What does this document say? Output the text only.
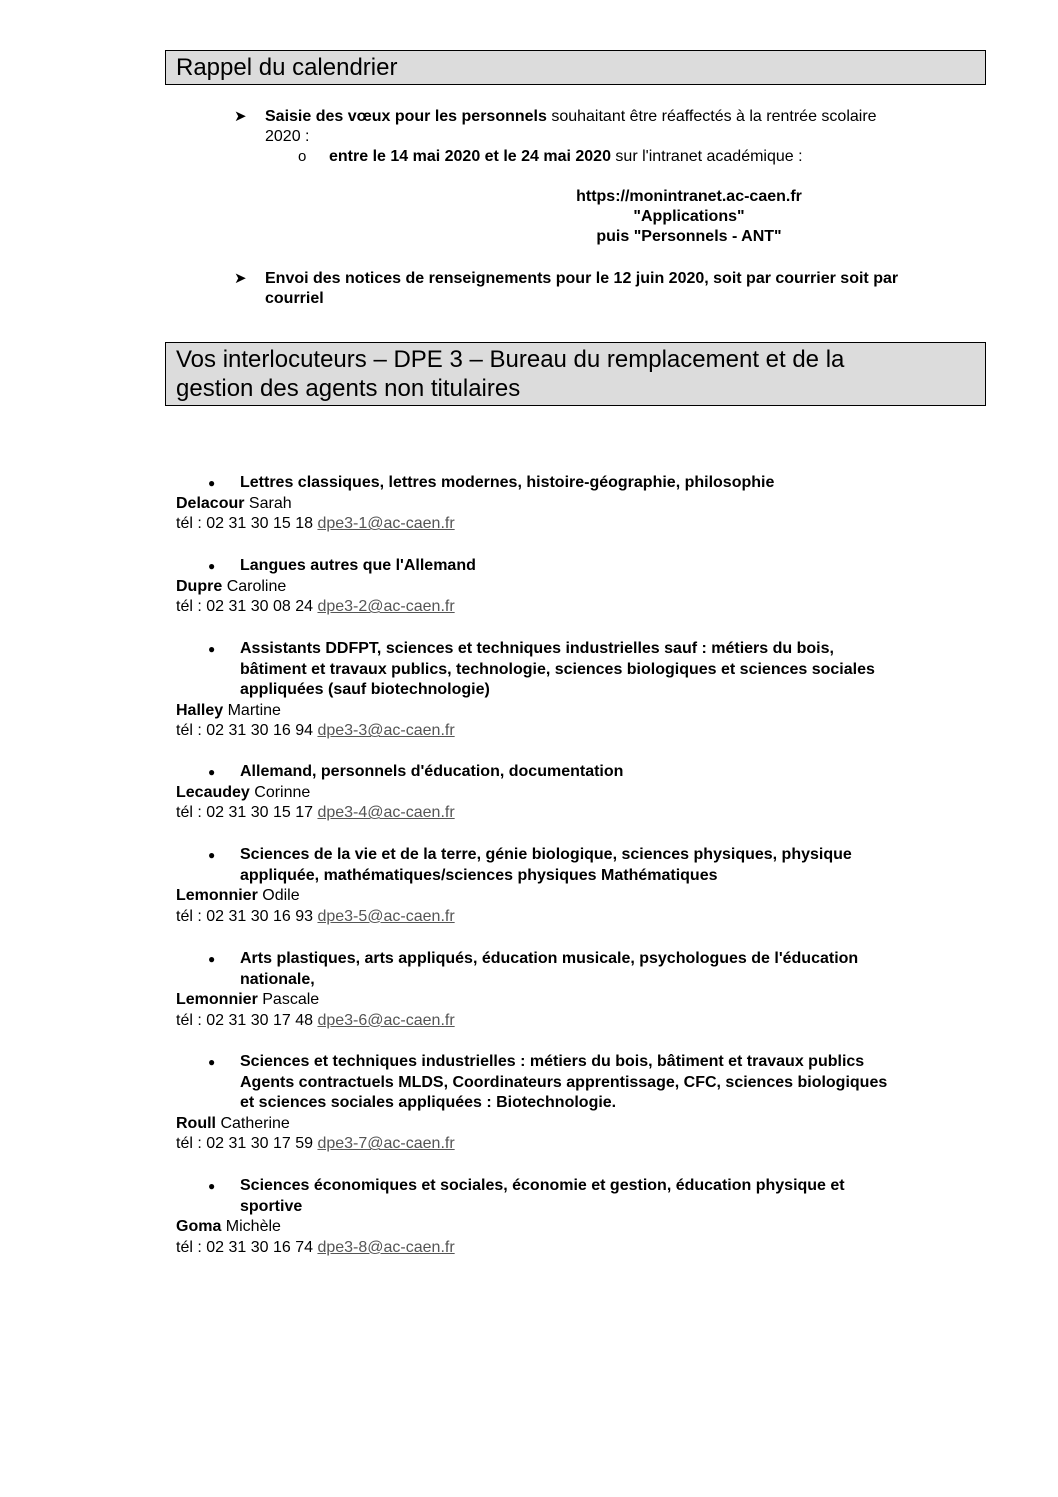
Rappel du calendrier
➤ Saisie des vœux pour les personnels souhaitant être réaffectés à la rentrée scolaire
2020 :
o entre le 14 mai 2020 et le 24 mai 2020 sur l'intranet académique :
https://monintranet.ac-caen.fr
"Applications"
puis "Personnels - ANT"
➤ Envoi des notices de renseignements pour le 12 juin 2020, soit par courrier soit par
courriel
Vos interlocuteurs – DPE 3 – Bureau du remplacement et de la
gestion des agents non titulaires
● Lettres classiques, lettres modernes, histoire-géographie, philosophie
Delacour Sarah
tél : 02 31 30 15 18 dpe3-1@ac-caen.fr
● Langues autres que l'Allemand
Dupre Caroline
tél : 02 31 30 08 24 dpe3-2@ac-caen.fr
● Assistants DDFPT, sciences et techniques industrielles sauf : métiers du bois,
bâtiment et travaux publics, technologie, sciences biologiques et sciences sociales
appliquées (sauf biotechnologie)
Halley Martine
tél : 02 31 30 16 94 dpe3-3@ac-caen.fr
● Allemand, personnels d'éducation, documentation
Lecaudey Corinne
tél : 02 31 30 15 17 dpe3-4@ac-caen.fr
● Sciences de la vie et de la terre, génie biologique, sciences physiques, physique
appliquée, mathématiques/sciences physiques Mathématiques
Lemonnier Odile
tél : 02 31 30 16 93 dpe3-5@ac-caen.fr
● Arts plastiques, arts appliqués, éducation musicale, psychologues de l'éducation
nationale,
Lemonnier Pascale
tél : 02 31 30 17 48 dpe3-6@ac-caen.fr
● Sciences et techniques industrielles : métiers du bois, bâtiment et travaux publics
Agents contractuels MLDS, Coordinateurs apprentissage, CFC, sciences biologiques
et sciences sociales appliquées : Biotechnologie.
Roull Catherine
tél : 02 31 30 17 59 dpe3-7@ac-caen.fr
● Sciences économiques et sociales, économie et gestion, éducation physique et
sportive
Goma Michèle
tél : 02 31 30 16 74 dpe3-8@ac-caen.fr
